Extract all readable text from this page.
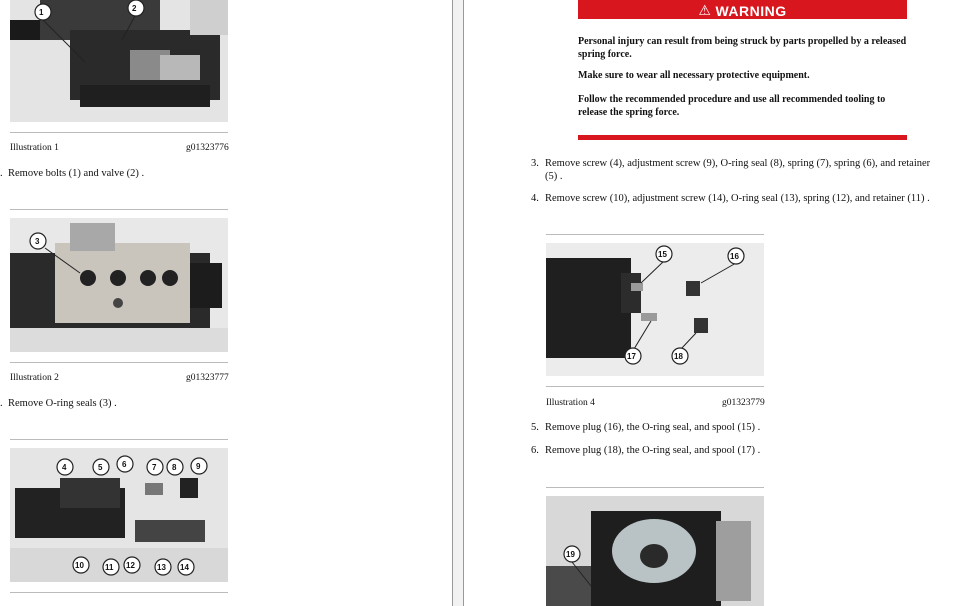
1	2
Illustration 1	g01323776
. Remove bolts (1) and valve (2) .
3
Illustration 2	g01323777
. Remove O-ring seals (3) .
4	5 6	7 8 9
10	11 12	13 14
⚠ WARNING
Personal injury can result from being struck by parts propelled by a released spring force.
Make sure to wear all necessary protective equipment.
Follow the recommended procedure and use all recommended tooling to release the spring force.
3. Remove screw (4), adjustment screw (9), O-ring seal (8), spring (7), spring (6), and retainer (5) .
4. Remove screw (10), adjustment screw (14), O-ring seal (13), spring (12), and retainer (11) .
15	16
17	18
Illustration 4	g01323779
5. Remove plug (16), the O-ring seal, and spool (15) .
6. Remove plug (18), the O-ring seal, and spool (17) .
19
